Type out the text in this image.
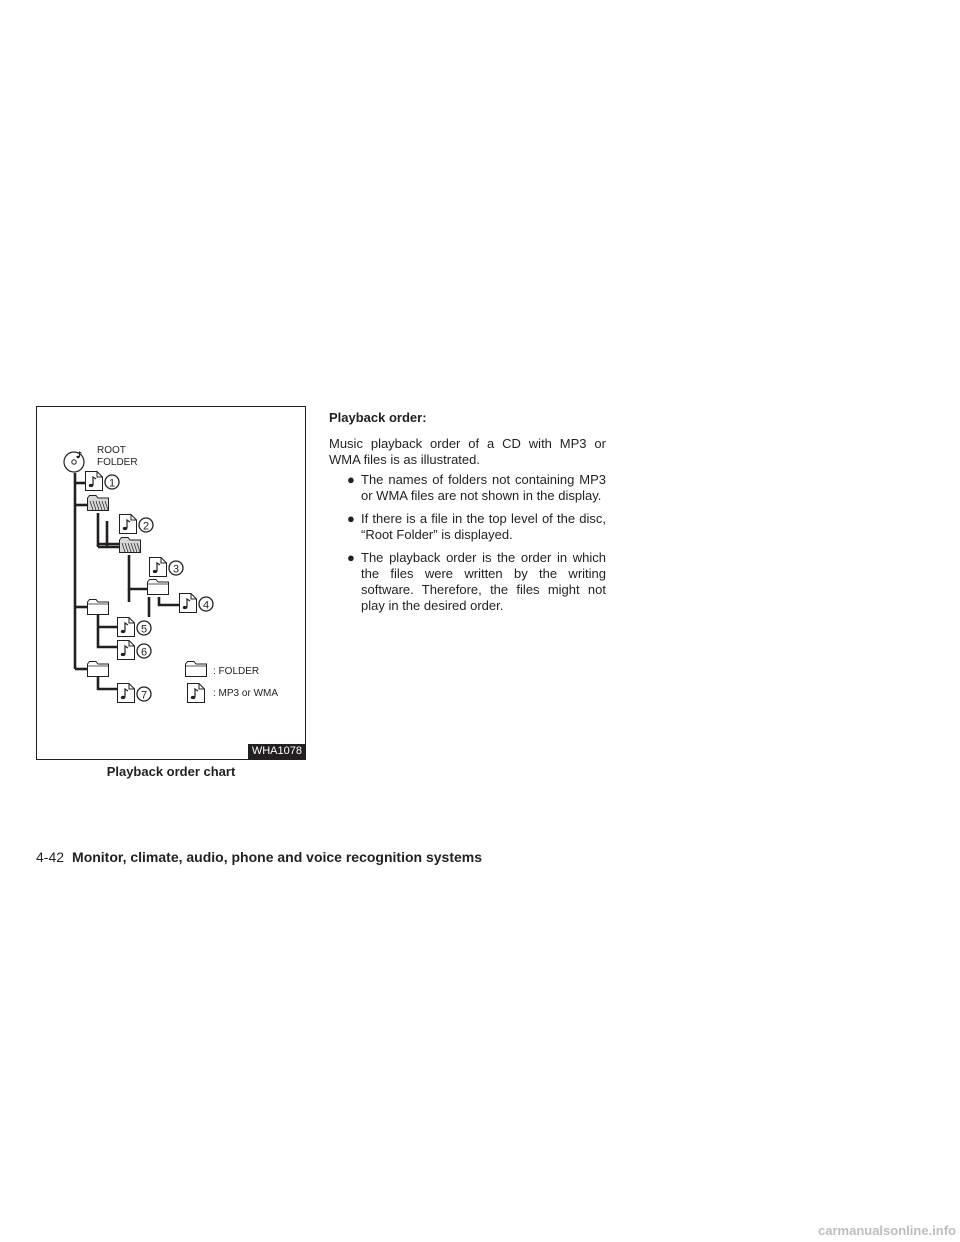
ROOT
FOLDER
1
2
3
4
5
6
7
: FOLDER
: MP3 or WMA
WHA1078
Playback order chart

Playback order:

Music playback order of a CD with MP3 or WMA files is as illustrated.

● The names of folders not containing MP3 or WMA files are not shown in the display.
● If there is a file in the top level of the disc, “Root Folder” is displayed.
● The playback order is the order in which the files were written by the writing software. Therefore, the files might not play in the desired order.
4-42 Monitor, climate, audio, phone and voice recognition systems
carmanualsonline.info
